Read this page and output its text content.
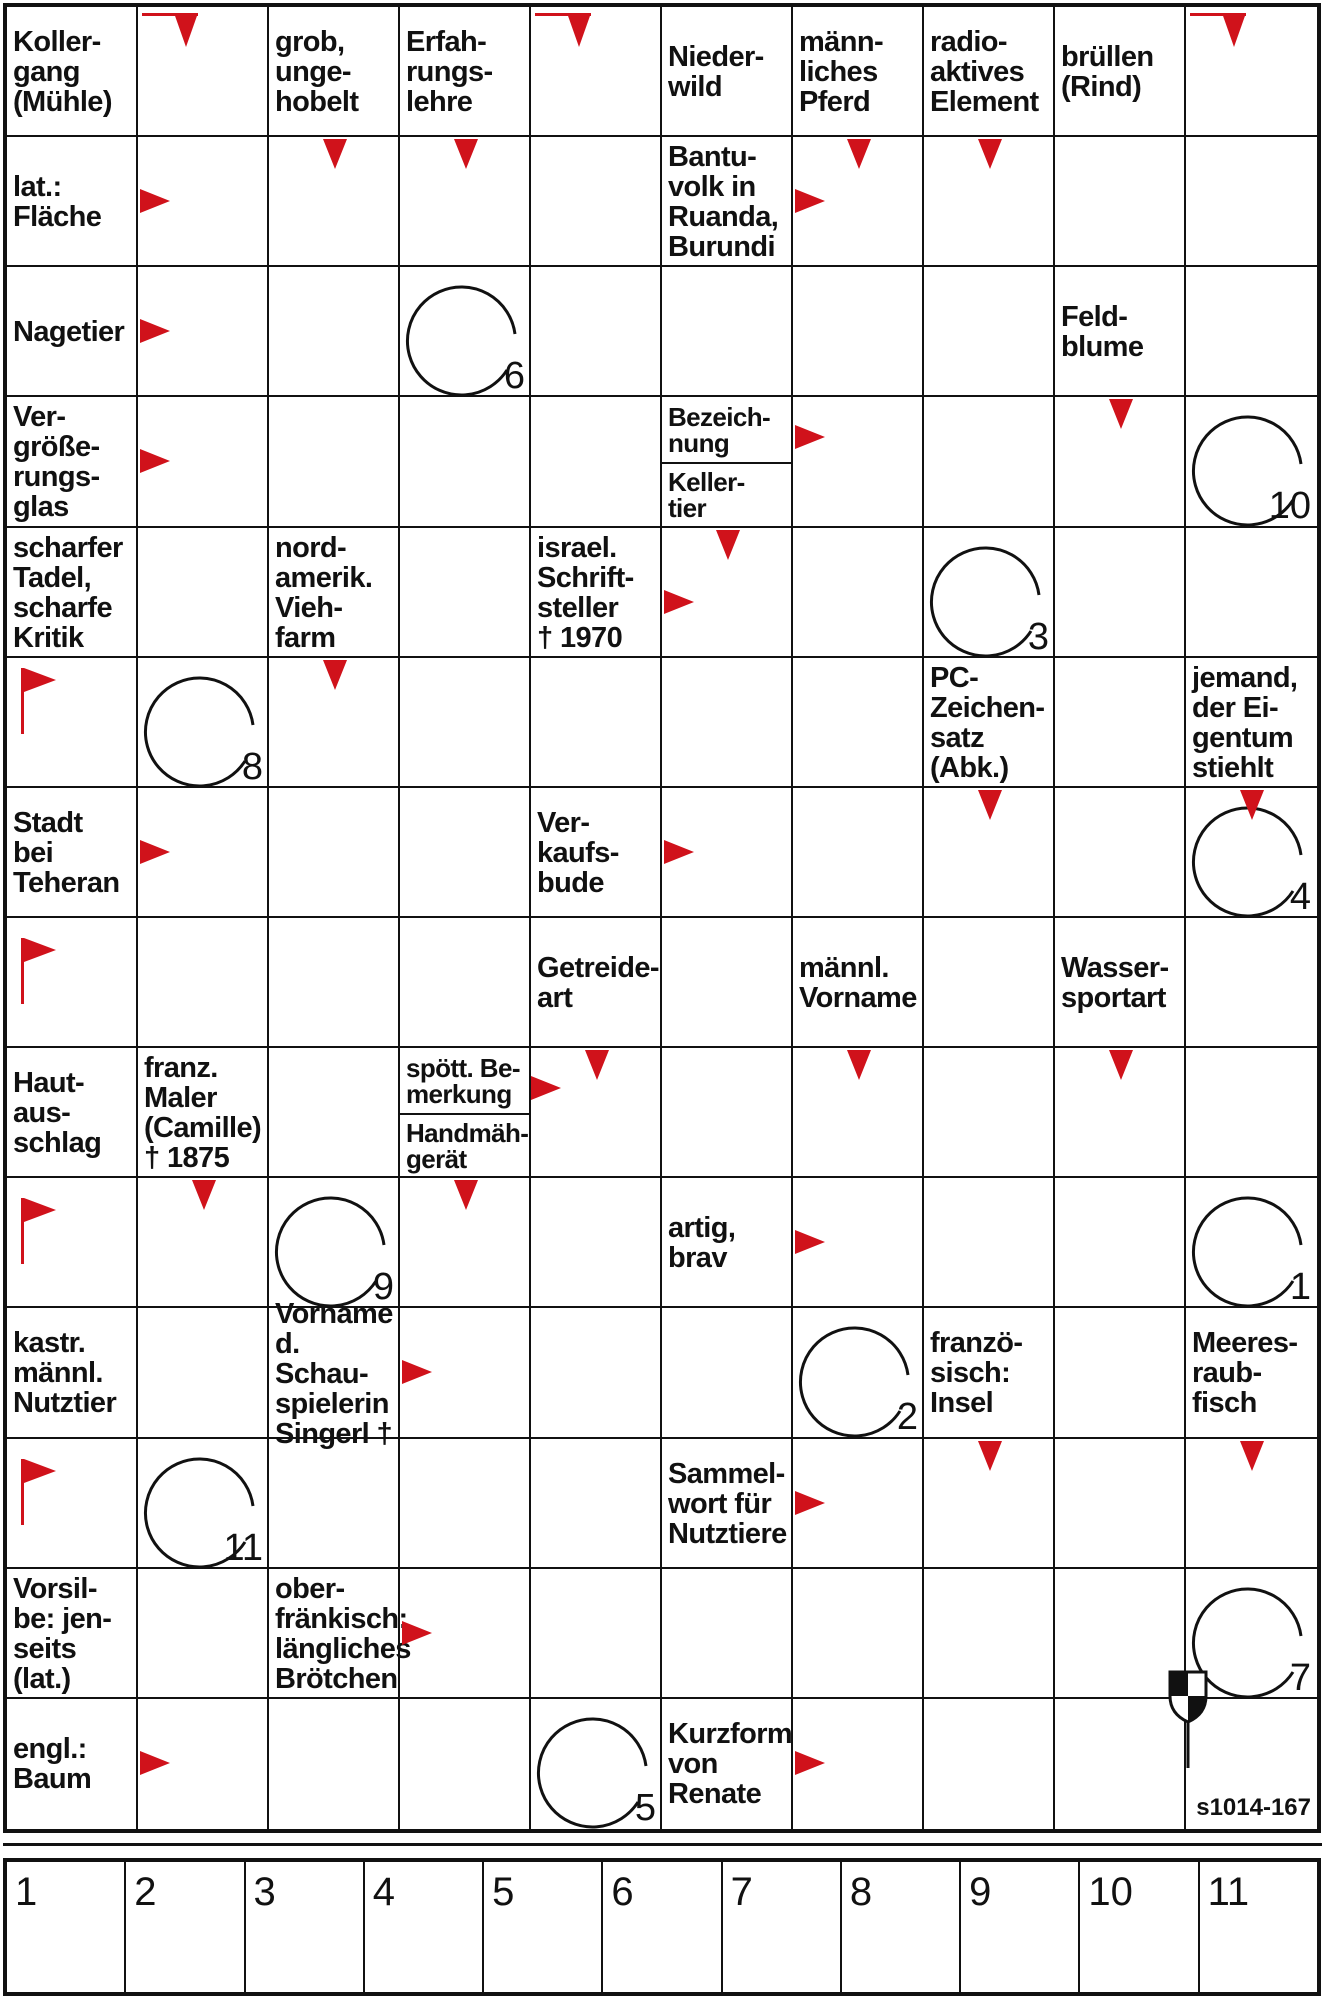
Koller-
gang
(Mühle)
grob,
unge-
hobelt
Erfah-
rungs-
lehre
Nieder-
wild
männ-
liches
Pferd
radio-
aktives
Element
brüllen
(Rind)
lat.:
Fläche
Bantu-
volk in
Ruanda,
Burundi
Nagetier
6
Feld-
blume
Ver-
größe-
rungs-
glas
Bezeich-
nung
Keller-
tier	10
scharfer
Tadel,
scharfe
Kritik
nord-
amerik.
Vieh-
farm
israel.
Schrift-
steller
† 1970	3
8
PC-
Zeichen-
satz
(Abk.)
jemand,
der Ei-
gentum
stiehlt
Stadt bei
Teheran
Ver-
kaufs-
bude	4
Getreide-
art
männl.
Vorname
Wasser-
sportart
Haut-
aus-
schlag
franz.
Maler
(Camille)
† 1875
spött. Be-
merkung
Handmäh-
gerät
9
artig,
brav
1
kastr.
männl.
Nutztier
Vorname
d. Schau-
spielerin
Singerl †	2
franzö-
sisch:
Insel
Meeres-
raub-
fisch
11
Sammel-
wort für
Nutztiere
Vorsil-
be: jen-
seits
(lat.)
ober-
fränkisch:
längliches
Brötchen	7
engl.:
Baum
5
Kurzform
von
Renate	s1014-167
1 2 3 4 5 6 7 8 9 10 11
